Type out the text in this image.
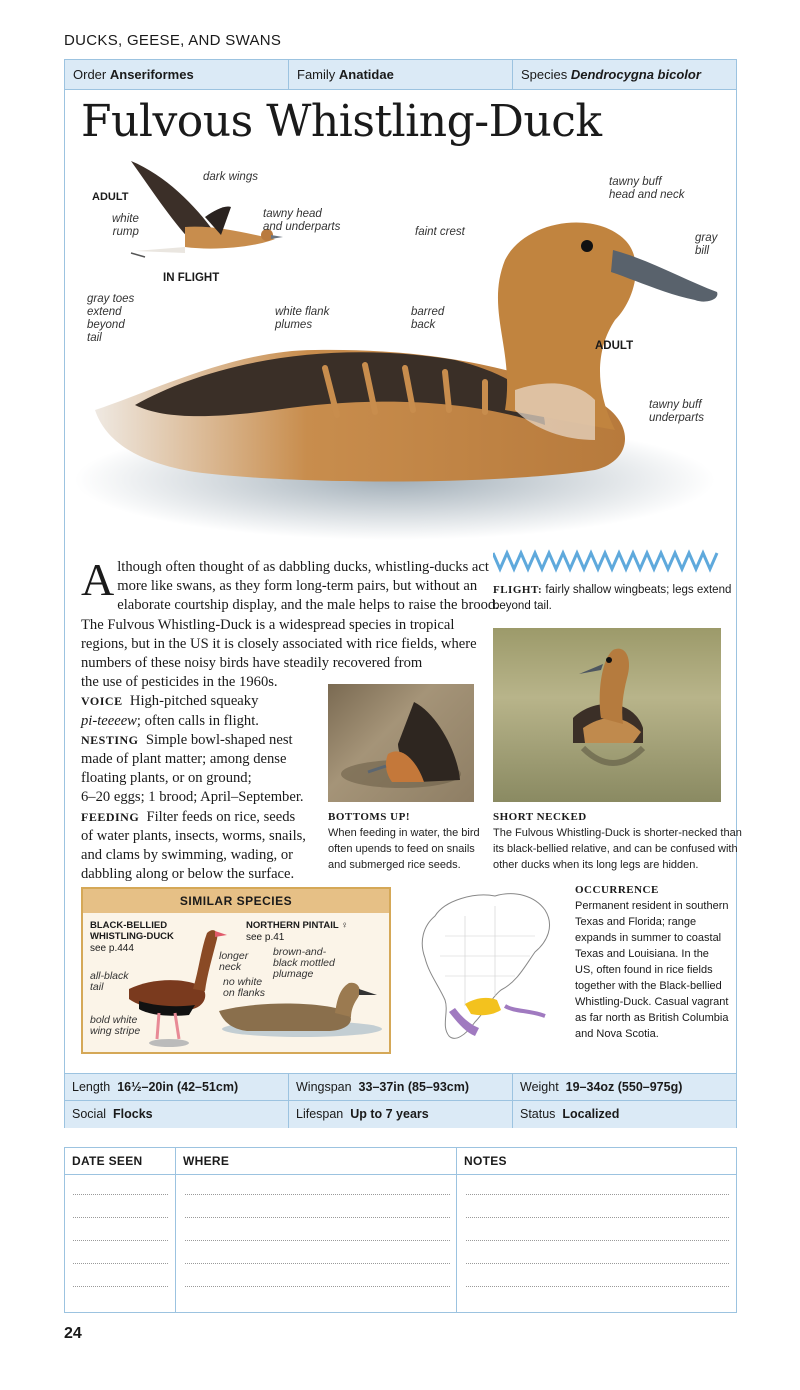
DUCKS, GEESE, AND SWANS
Order Anseriformes	Family Anatidae	Species Dendrocygna bicolor
Fulvous Whistling-Duck
ADULT
IN FLIGHT
dark wings
white
rump
tawny head
and underparts
gray toes
extend
beyond
tail
white flank
plumes
barred
back
faint crest
tawny buff
head and neck
gray
bill
ADULT
tawny buff
underparts
A lthough often thought of as dabbling ducks, whistling-ducks act
more like swans, as they form long-term pairs, but without an
elaborate courtship display, and the male helps to raise the brood.
The Fulvous Whistling-Duck is a widespread species in tropical
regions, but in the US it is closely associated with rice fields, where
numbers of these noisy birds have steadily recovered from
the use of pesticides in the 1960s.
VOICE High-pitched squeaky
pi-teeeew; often calls in flight.
NESTING Simple bowl-shaped nest
made of plant matter; among dense
floating plants, or on ground;
6–20 eggs; 1 brood; April–September.
FEEDING Filter feeds on rice, seeds
of water plants, insects, worms, snails,
and clams by swimming, wading, or
dabbling along or below the surface.
FLIGHT: fairly shallow wingbeats; legs extend
beyond tail.
BOTTOMS UP!
When feeding in water, the bird
often upends to feed on snails
and submerged rice seeds.
SHORT NECKED
The Fulvous Whistling-Duck is shorter-necked than
its black-bellied relative, and can be confused with
other ducks when its long legs are hidden.
SIMILAR SPECIES
BLACK-BELLIED
WHISTLING-DUCK
see p.444
NORTHERN PINTAIL ♀
see p.41
longer
neck
all-black
tail
bold white
wing stripe
brown-and-
black mottled
plumage
no white
on flanks
OCCURRENCE
Permanent resident in southern
Texas and Florida; range
expands in summer to coastal
Texas and Louisiana. In the
US, often found in rice fields
together with the Black-bellied
Whistling-Duck. Casual vagrant
as far north as British Columbia
and Nova Scotia.
Length 16½–20in (42–51cm)	Wingspan 33–37in (85–93cm)	Weight 19–34oz (550–975g)
Social Flocks	Lifespan Up to 7 years	Status Localized
DATE SEEN	WHERE	NOTES
24
